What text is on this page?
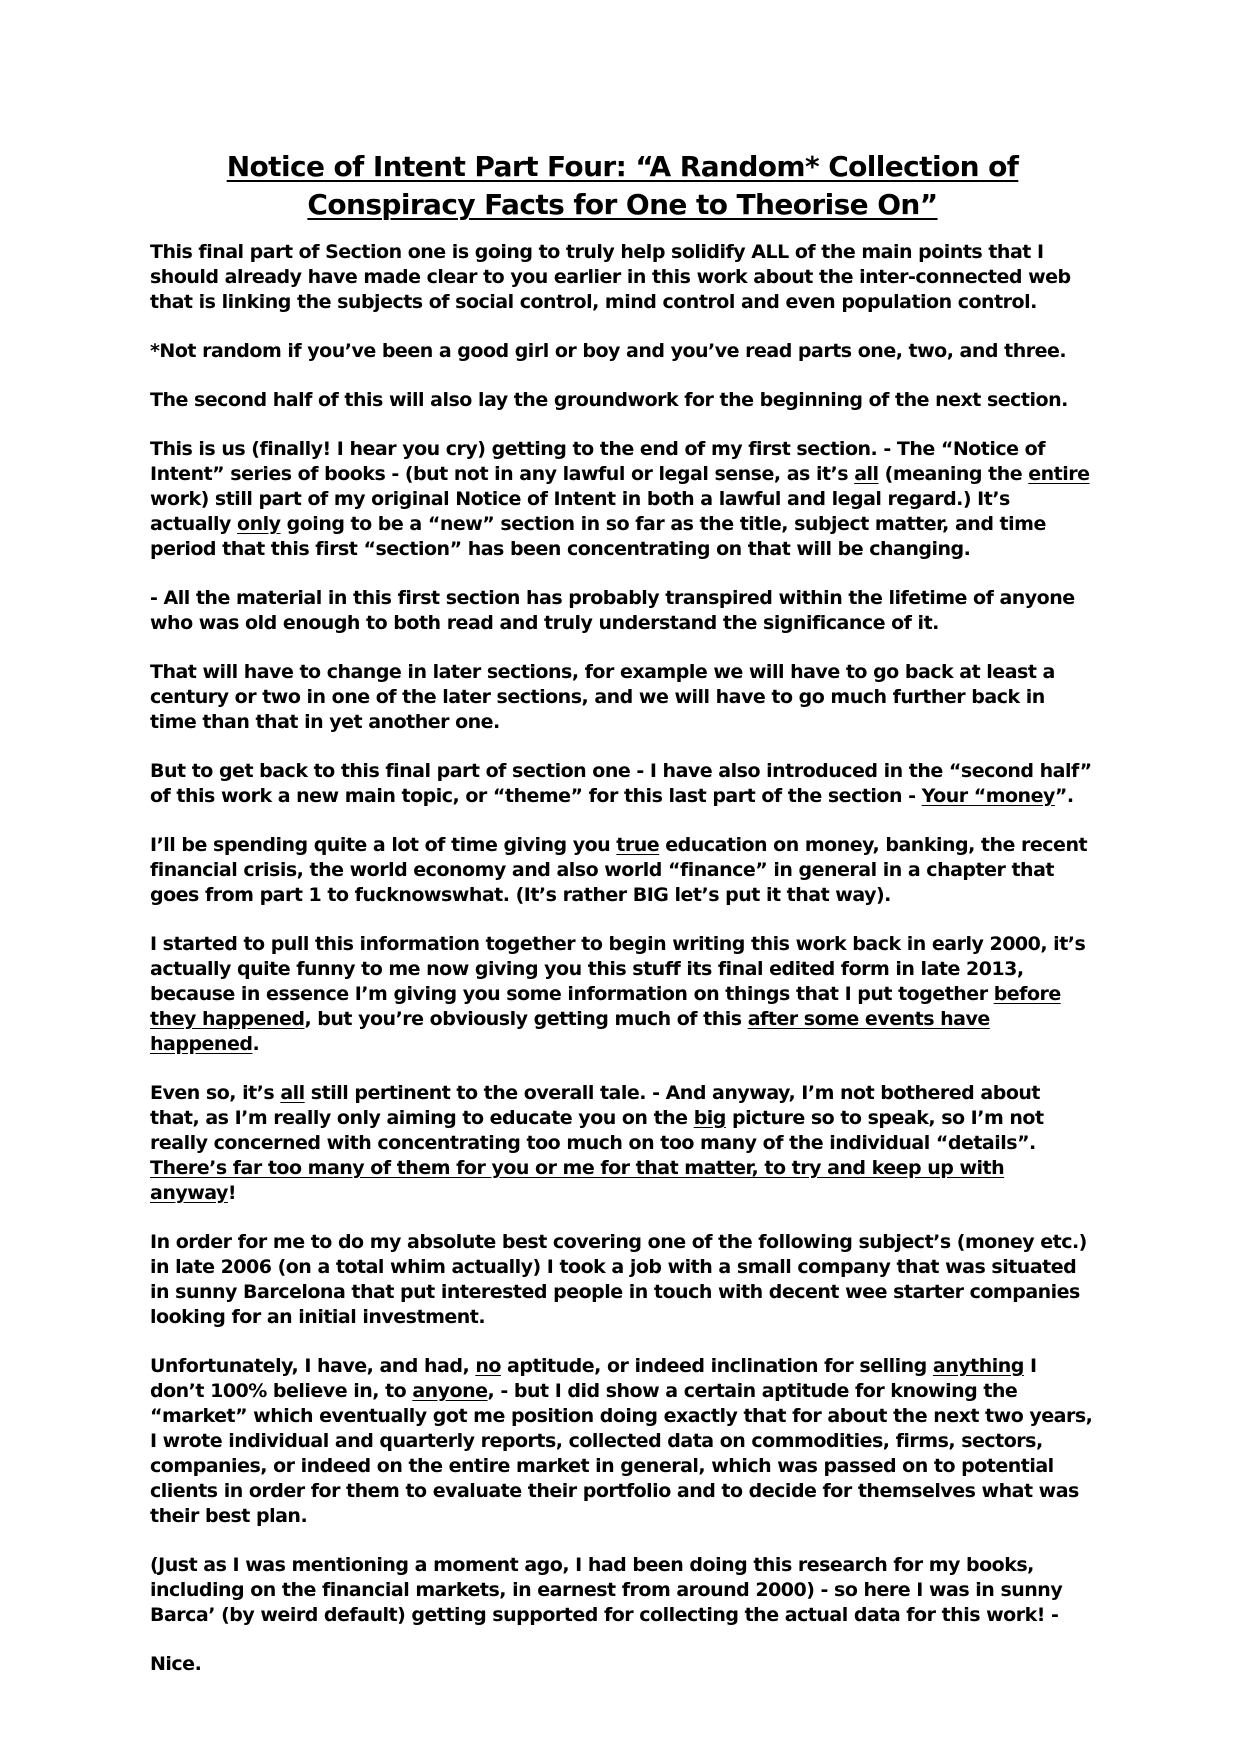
Notice of Intent Part Four: “A Random* Collection of
Conspiracy Facts for One to Theorise On”

This final part of Section one is going to truly help solidify ALL of the main points that I should already have made clear to you earlier in this work about the inter-connected web that is linking the subjects of social control, mind control and even population control.

*Not random if you’ve been a good girl or boy and you’ve read parts one, two, and three.

The second half of this will also lay the groundwork for the beginning of the next section.

This is us (finally! I hear you cry) getting to the end of my first section. - The “Notice of Intent” series of books - (but not in any lawful or legal sense, as it’s all (meaning the entire work) still part of my original Notice of Intent in both a lawful and legal regard.) It’s actually only going to be a “new” section in so far as the title, subject matter, and time period that this first “section” has been concentrating on that will be changing.

- All the material in this first section has probably transpired within the lifetime of anyone who was old enough to both read and truly understand the significance of it.

That will have to change in later sections, for example we will have to go back at least a century or two in one of the later sections, and we will have to go much further back in time than that in yet another one.

But to get back to this final part of section one - I have also introduced in the “second half” of this work a new main topic, or “theme” for this last part of the section - Your “money”.

I’ll be spending quite a lot of time giving you true education on money, banking, the recent financial crisis, the world economy and also world “finance” in general in a chapter that goes from part 1 to fucknowswhat. (It’s rather BIG let’s put it that way).

I started to pull this information together to begin writing this work back in early 2000, it’s actually quite funny to me now giving you this stuff its final edited form in late 2013, because in essence I’m giving you some information on things that I put together before they happened, but you’re obviously getting much of this after some events have happened.

Even so, it’s all still pertinent to the overall tale. - And anyway, I’m not bothered about that, as I’m really only aiming to educate you on the big picture so to speak, so I’m not really concerned with concentrating too much on too many of the individual “details”. There’s far too many of them for you or me for that matter, to try and keep up with anyway!

In order for me to do my absolute best covering one of the following subject’s (money etc.) in late 2006 (on a total whim actually) I took a job with a small company that was situated in sunny Barcelona that put interested people in touch with decent wee starter companies looking for an initial investment.

Unfortunately, I have, and had, no aptitude, or indeed inclination for selling anything I don’t 100% believe in, to anyone, - but I did show a certain aptitude for knowing the “market” which eventually got me position doing exactly that for about the next two years, I wrote individual and quarterly reports, collected data on commodities, firms, sectors, companies, or indeed on the entire market in general, which was passed on to potential clients in order for them to evaluate their portfolio and to decide for themselves what was their best plan.

(Just as I was mentioning a moment ago, I had been doing this research for my books, including on the financial markets, in earnest from around 2000) - so here I was in sunny Barca’ (by weird default) getting supported for collecting the actual data for this work! -

Nice.
